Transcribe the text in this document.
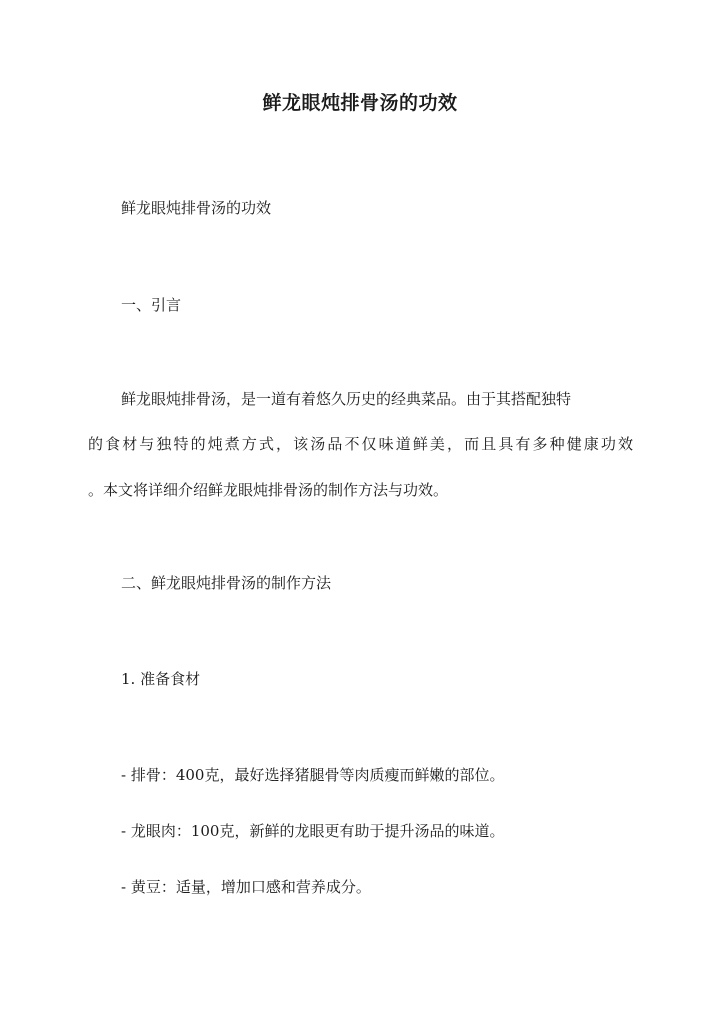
鲜龙眼炖排骨汤的功效
鲜龙眼炖排骨汤的功效
一、引言
鲜龙眼炖排骨汤，是一道有着悠久历史的经典菜品。由于其搭配独特
的食材与独特的炖煮方式，该汤品不仅味道鲜美，而且具有多种健康功效
。本文将详细介绍鲜龙眼炖排骨汤的制作方法与功效。
二、鲜龙眼炖排骨汤的制作方法
1. 准备食材
- 排骨：400克，最好选择猪腿骨等肉质瘦而鲜嫩的部位。
- 龙眼肉：100克，新鲜的龙眼更有助于提升汤品的味道。
- 黄豆：适量，增加口感和营养成分。
